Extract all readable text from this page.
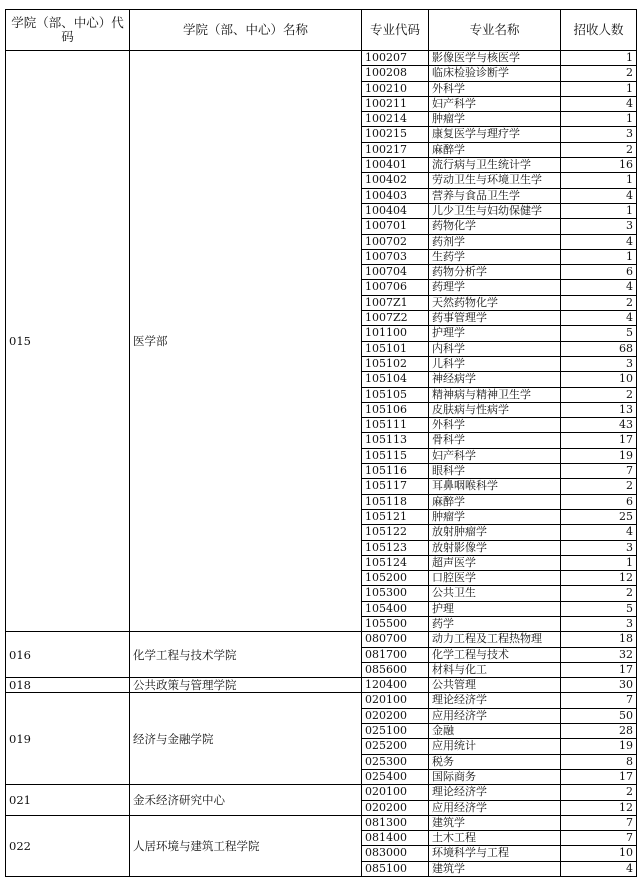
学院（部、中心）代码	学院（部、中心）名称	专业代码	专业名称	招收人数
015	医学部	100207	影像医学与核医学	1
		100208	临床检验诊断学	2
		100210	外科学	1
		100211	妇产科学	4
		100214	肿瘤学	1
		100215	康复医学与理疗学	3
		100217	麻醉学	2
		100401	流行病与卫生统计学	16
		100402	劳动卫生与环境卫生学	1
		100403	营养与食品卫生学	4
		100404	儿少卫生与妇幼保健学	1
		100701	药物化学	3
		100702	药剂学	4
		100703	生药学	1
		100704	药物分析学	6
		100706	药理学	4
		1007Z1	天然药物化学	2
		1007Z2	药事管理学	4
		101100	护理学	5
		105101	内科学	68
		105102	儿科学	3
		105104	神经病学	10
		105105	精神病与精神卫生学	2
		105106	皮肤病与性病学	13
		105111	外科学	43
		105113	骨科学	17
		105115	妇产科学	19
		105116	眼科学	7
		105117	耳鼻咽喉科学	2
		105118	麻醉学	6
		105121	肿瘤学	25
		105122	放射肿瘤学	4
		105123	放射影像学	3
		105124	超声医学	1
		105200	口腔医学	12
		105300	公共卫生	2
		105400	护理	5
		105500	药学	3
016	化学工程与技术学院	080700	动力工程及工程热物理	18
		081700	化学工程与技术	32
		085600	材料与化工	17
018	公共政策与管理学院	120400	公共管理	30
019	经济与金融学院	020100	理论经济学	7
		020200	应用经济学	50
		025100	金融	28
		025200	应用统计	19
		025300	税务	8
		025400	国际商务	17
021	金禾经济研究中心	020100	理论经济学	2
		020200	应用经济学	12
022	人居环境与建筑工程学院	081300	建筑学	7
		081400	土木工程	7
		083000	环境科学与工程	10
		085100	建筑学	4
